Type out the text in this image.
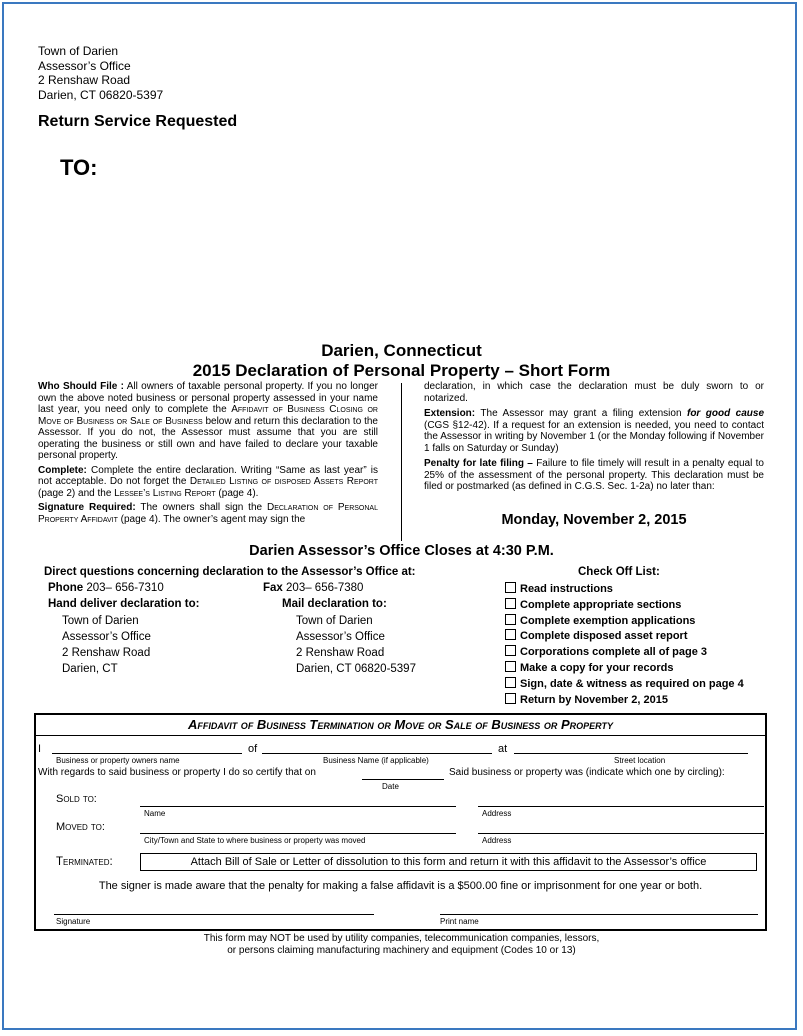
Town of Darien
Assessor’s Office
2 Renshaw Road
Darien, CT 06820-5397
Return Service Requested
TO:
Darien, Connecticut
2015 Declaration of Personal Property – Short Form
Who Should File : All owners of taxable personal property. If you no longer own the above noted business or personal property assessed in your name last year, you need only to complete the Affidavit of Business Closing or Move of Business or Sale of Business below and return this declaration to the Assessor. If you do not, the Assessor must assume that you are still operating the business or still own and have failed to declare your taxable personal property.
Complete: Complete the entire declaration. Writing “Same as last year” is not acceptable. Do not forget the Detailed Listing of disposed Assets Report (page 2) and the Lessee’s Listing Report (page 4).
Signature Required: The owners shall sign the Declaration of Personal Property Affidavit (page 4). The owner’s agent may sign the
declaration, in which case the declaration must be duly sworn to or notarized.
Extension: The Assessor may grant a filing extension for good cause (CGS §12-42). If a request for an extension is needed, you need to contact the Assessor in writing by November 1 (or the Monday following if November 1 falls on Saturday or Sunday)
Penalty for late filing – Failure to file timely will result in a penalty equal to 25% of the assessment of the personal property. This declaration must be filed or postmarked (as defined in C.G.S. Sec. 1-2a) no later than:
Monday, November 2, 2015
Darien Assessor’s Office Closes at 4:30 P.M.
Direct questions concerning declaration to the Assessor’s Office at:
Phone 203– 656-7310	Fax 203– 656-7380
Hand deliver declaration to:	Mail declaration to:
Town of Darien
Assessor’s Office
2 Renshaw Road
Darien, CT
Town of Darien
Assessor’s Office
2 Renshaw Road
Darien, CT 06820-5397
Check Off List:
Read instructions
Complete appropriate sections
Complete exemption applications
Complete disposed asset report
Corporations complete all of page 3
Make a copy for your records
Sign, date & witness as required on page 4
Return by November 2, 2015
Affidavit of Business Termination or Move or Sale of Business or Property
I	of	at
Business or property owners name	Business Name (if applicable)	Street location
With regards to said business or property I do so certify that on	Said business or property was (indicate which one by circling):
Date
Sold to:
Name	Address
Moved to:
City/Town and State to where business or property was moved	Address
Terminated:	Attach Bill of Sale or Letter of dissolution to this form and return it with this affidavit to the Assessor’s office
The signer is made aware that the penalty for making a false affidavit is a $500.00 fine or imprisonment for one year or both.
Signature	Print name
This form may NOT be used by utility companies, telecommunication companies, lessors,
or persons claiming manufacturing machinery and equipment (Codes 10 or 13)
